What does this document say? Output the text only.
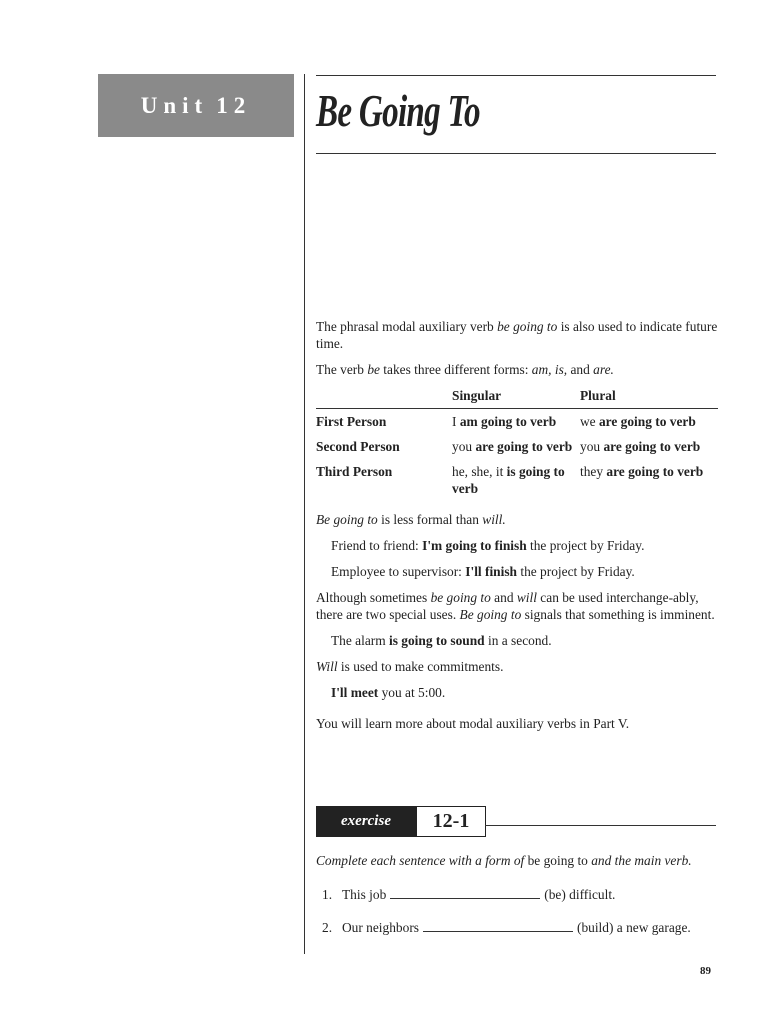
Unit 12 Be Going To

The phrasal modal auxiliary verb be going to is also used to indicate future time.

The verb be takes three different forms: am, is, and are.

	Singular	Plural
First Person	I am going to verb	we are going to verb
Second Person	you are going to verb	you are going to verb
Third Person	he, she, it is going to verb	they are going to verb

Be going to is less formal than will.

Friend to friend: I'm going to finish the project by Friday.

Employee to supervisor: I'll finish the project by Friday.

Although sometimes be going to and will can be used interchange-ably, there are two special uses. Be going to signals that something is imminent.

The alarm is going to sound in a second.

Will is used to make commitments.

I'll meet you at 5:00.

You will learn more about modal auxiliary verbs in Part V.

exercise	12-1
Complete each sentence with a form of be going to and the main verb.
1. This job	(be) difficult.
2. Our neighbors	(build) a new garage.
89
